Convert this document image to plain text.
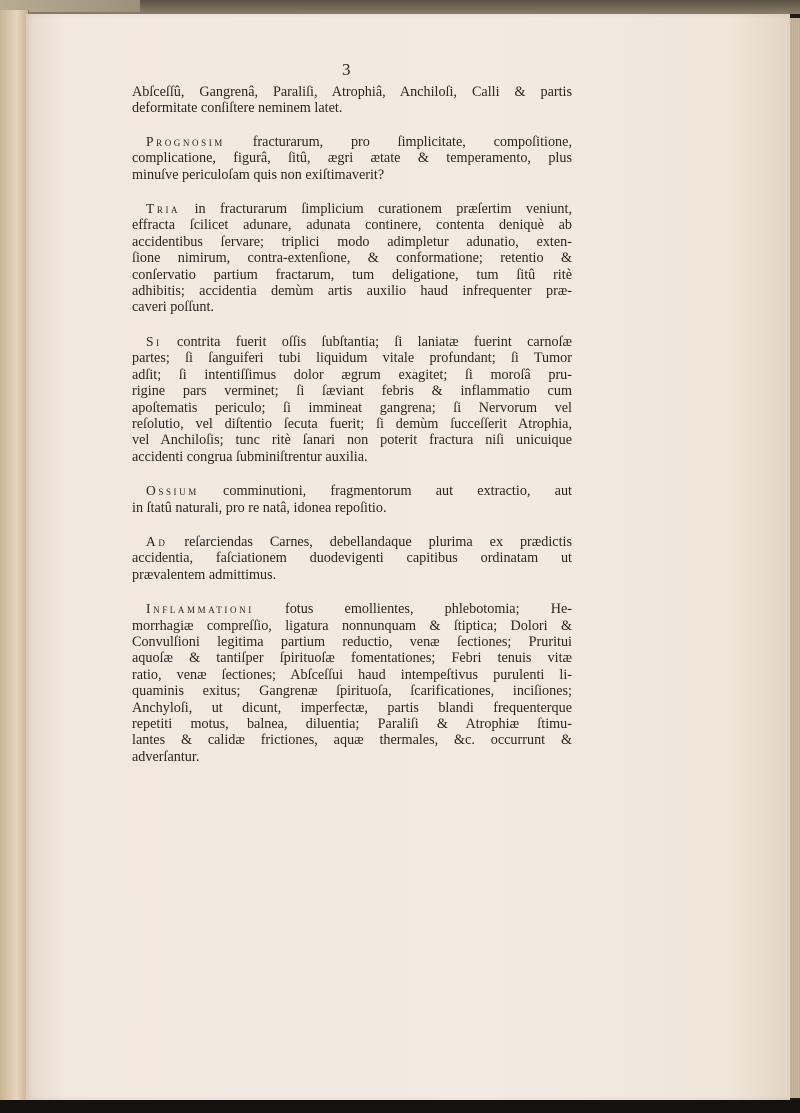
3
Abſceſſû, Gangrenâ, Paraliſi, Atrophiâ, Anchiloſi, Calli & partis
deformitate conſiſtere neminem latet.
Prognosim fracturarum, pro ſimplicitate, compoſitione,
complicatione, figurâ, ſitû, ægri ætate & temperamento, plus
minuſve periculoſam quis non exiſtimaverit?
Tria in fracturarum ſimplicium curationem præſertim veniunt,
effracta ſcilicet adunare, adunata continere, contenta deniquè ab
accidentibus ſervare; triplici modo adimpletur adunatio, exten-
ſione nimirum, contra-extenſione, & conformatione; retentio &
conſervatio partium fractarum, tum deligatione, tum ſitû ritè
adhibitis; accidentia demùm artis auxilio haud infrequenter præ-
caveri poſſunt.
Si contrita fuerit oſſis ſubſtantia; ſi laniatæ fuerint carnoſæ
partes; ſi ſanguiferi tubi liquidum vitale profundant; ſi Tumor
adſit; ſi intentiſſimus dolor ægrum exagitet; ſi moroſâ pru-
rigine pars verminet; ſi ſæviant febris & inflammatio cum
apoſtematis periculo; ſi immineat gangrena; ſi Nervorum vel
reſolutio, vel diſtentio ſecuta fuerit; ſi demùm ſucceſſerit Atrophia,
vel Anchiloſis; tunc ritè ſanari non poterit fractura niſi unicuique
accidenti congrua ſubminiſtrentur auxilia.
Ossium comminutioni, fragmentorum aut extractio, aut
in ſtatû naturali, pro re natâ, idonea repoſitio.
Ad reſarciendas Carnes, debellandaque plurima ex prædictis
accidentia, faſciationem duodevigenti capitibus ordinatam ut
prævalentem admittimus.
Inflammationi fotus emollientes, phlebotomia; He-
morrhagiæ compreſſio, ligatura nonnunquam & ſtiptica; Dolori &
Convulſioni legitima partium reductio, venæ ſectiones; Pruritui
aquoſæ & tantiſper ſpirituoſæ fomentationes; Febri tenuis vitæ
ratio, venæ ſectiones; Abſceſſui haud intempeſtivus purulenti li-
quaminis exitus; Gangrenæ ſpirituoſa, ſcarificationes, inciſiones;
Anchyloſi, ut dicunt, imperfectæ, partis blandi frequenterque
repetiti motus, balnea, diluentia; Paraliſi & Atrophiæ ſtimu-
lantes & calidæ frictiones, aquæ thermales, &c. occurrunt &
adverſantur.
